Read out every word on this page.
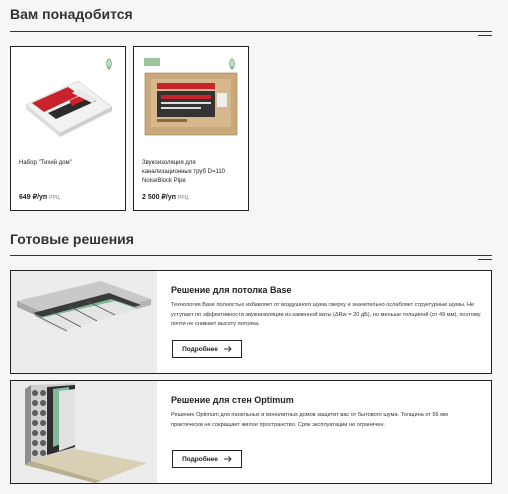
Вам понадобится
Набор "Тихий дом"
649 ₽/уп РРЦ
Звукоизоляция для канализационных труб D=110 NoiseBlock Pipe
2 500 ₽/уп РРЦ
Готовые решения
Решение для потолка Base
Технология Base полностью избавляет от воздушного шума сверху и значительно ослабляет структурные шумы. Не уступает по эффективности звукоизоляции из каменной ваты (ΔRw = 20 дБ), но меньше толщиной (от 49 мм), поэтому почти не снижает высоту потолка.
Подробнее
Решение для стен Optimum
Решение Optimum для панельных и монолитных домов защитит вас от бытового шума. Толщина от 56 мм практически не сокращает жилое пространство. Срок эксплуатации не ограничен.
Подробнее
